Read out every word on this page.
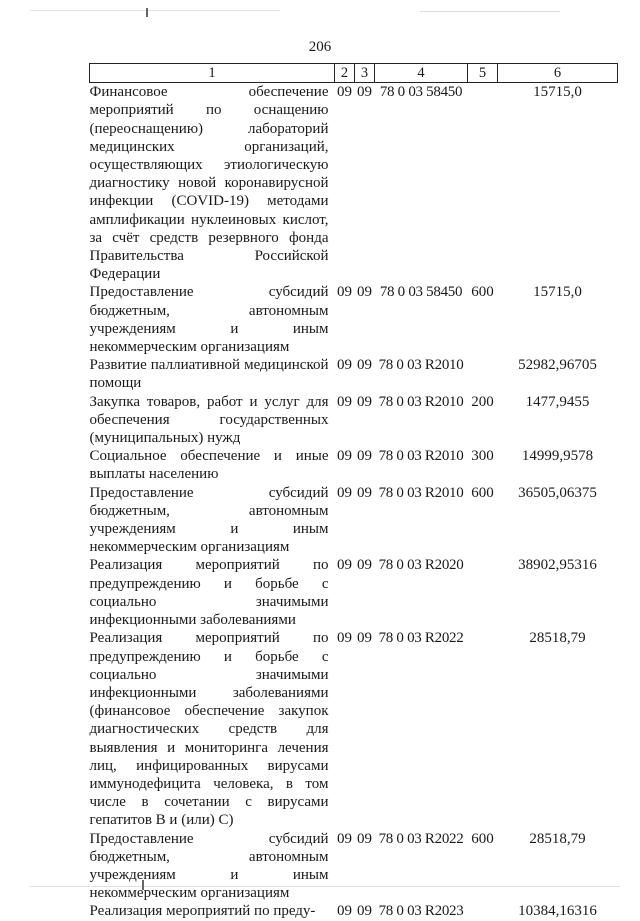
206
1	2	3	4	5	6
Финансовое обеспечение мероприятий по оснащению (переоснащению) лабораторий медицинских организаций, осуществляющих этиологическую диагностику новой коронавирусной инфекции (COVID-19) методами амплификации нуклеиновых кислот, за счёт средств резервного фонда Правительства Российской Федерации	09	09	78 0 03 58450		15715,0
Предоставление субсидий бюджетным, автономным учреждениям и иным некоммерческим организациям	09	09	78 0 03 58450	600	15715,0
Развитие паллиативной медицинской помощи	09	09	78 0 03 R2010		52982,96705
Закупка товаров, работ и услуг для обеспечения государственных (муниципальных) нужд	09	09	78 0 03 R2010	200	1477,9455
Социальное обеспечение и иные выплаты населению	09	09	78 0 03 R2010	300	14999,9578
Предоставление субсидий бюджетным, автономным учреждениям и иным некоммерческим организациям	09	09	78 0 03 R2010	600	36505,06375
Реализация мероприятий по предупреждению и борьбе с социально значимыми инфекционными заболеваниями	09	09	78 0 03 R2020		38902,95316
Реализация мероприятий по предупреждению и борьбе с социально значимыми инфекционными заболеваниями (финансовое обеспечение закупок диагностических средств для выявления и мониторинга лечения лиц, инфицированных вирусами иммунодефицита человека, в том числе в сочетании с вирусами гепатитов B и (или) C)	09	09	78 0 03 R2022		28518,79
Предоставление субсидий бюджетным, автономным учреждениям и иным некоммерческим организациям	09	09	78 0 03 R2022	600	28518,79
Реализация мероприятий по преду-	09	09	78 0 03 R2023		10384,16316
